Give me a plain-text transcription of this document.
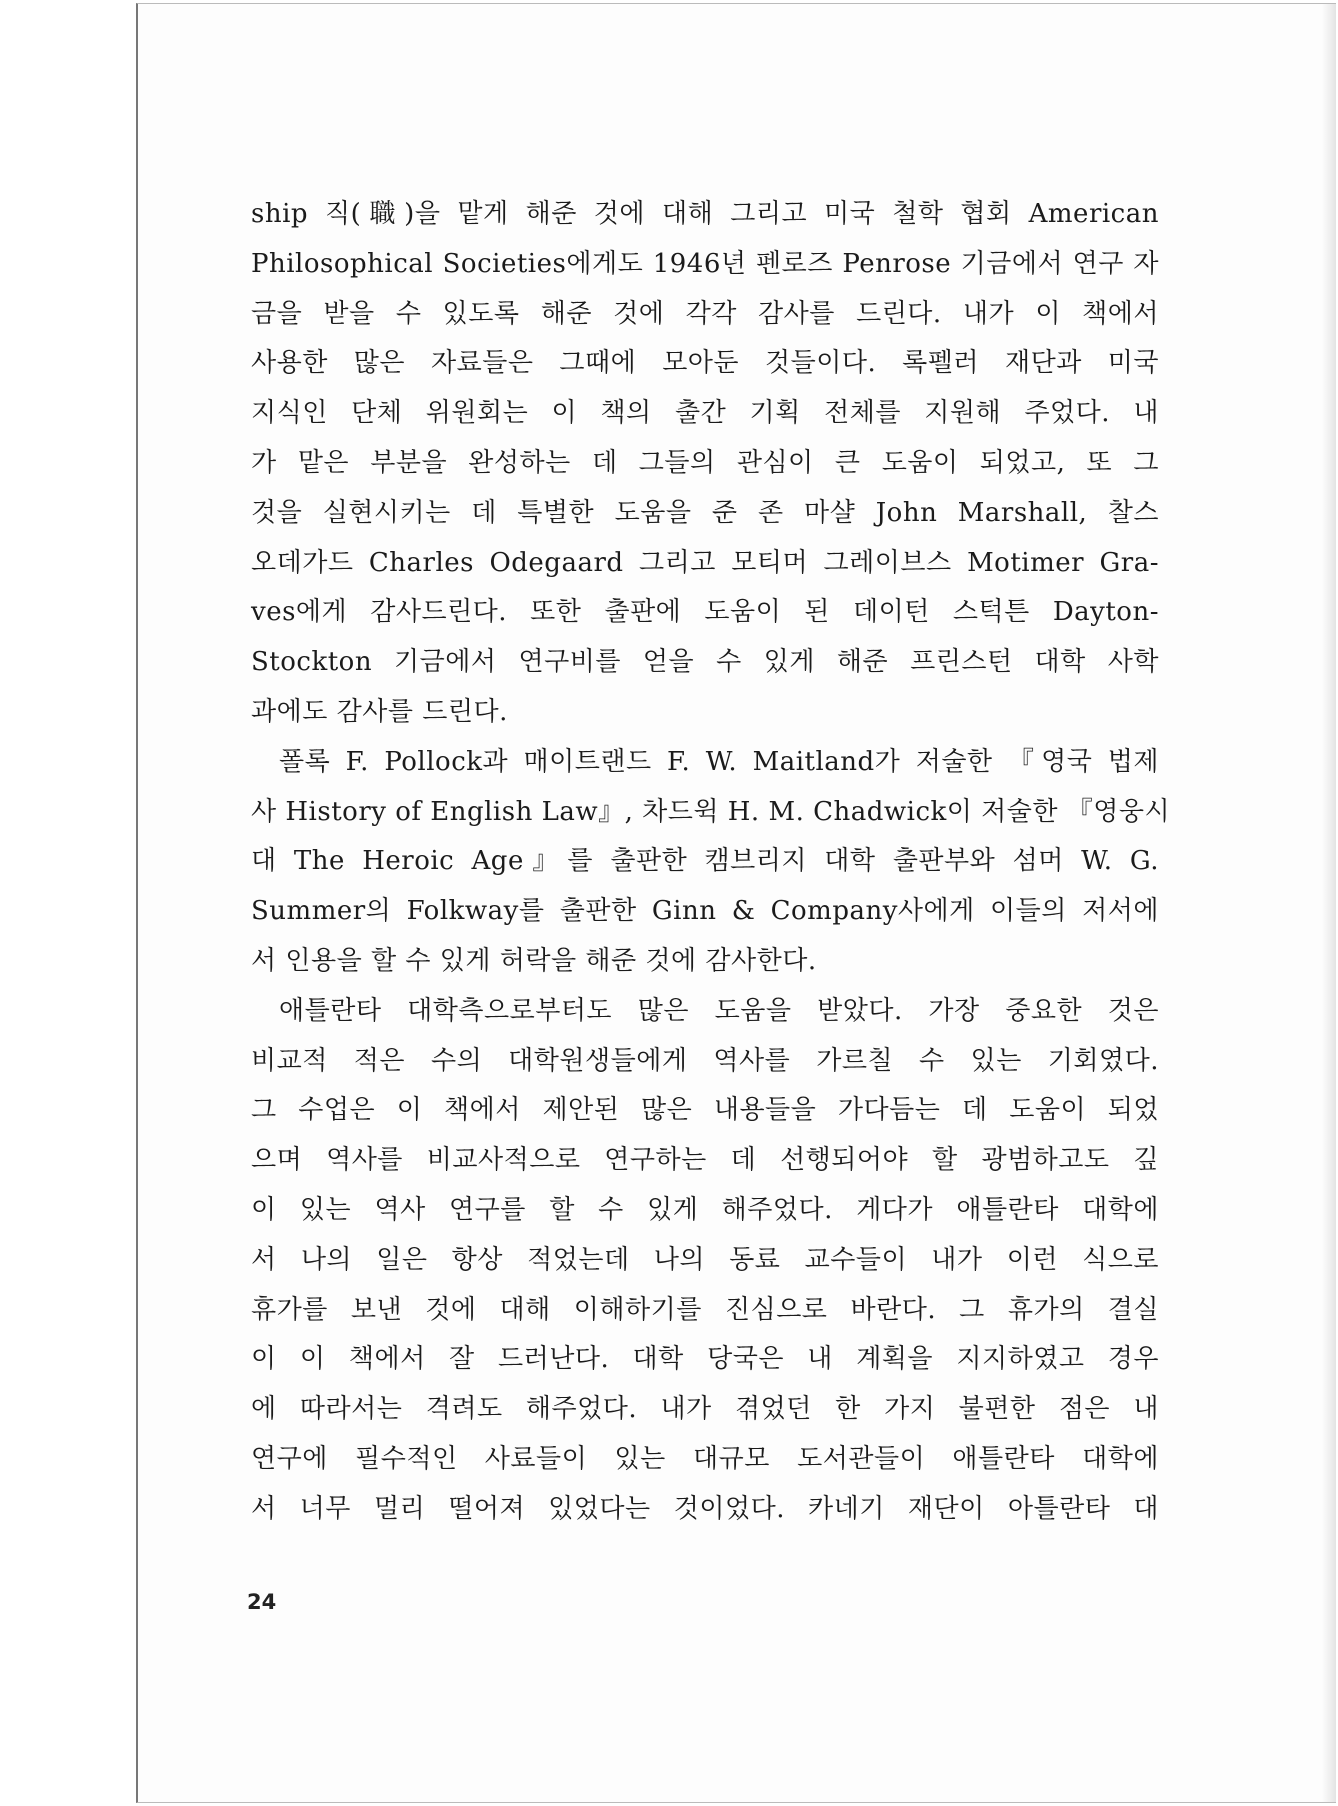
ship 직(職)을 맡게 해준 것에 대해 그리고 미국 철학 협회 American
Philosophical Societies에게도 1946년 펜로즈 Penrose 기금에서 연구 자
금을 받을 수 있도록 해준 것에 각각 감사를 드린다. 내가 이 책에서
사용한 많은 자료들은 그때에 모아둔 것들이다. 록펠러 재단과 미국
지식인 단체 위원회는 이 책의 출간 기획 전체를 지원해 주었다. 내
가 맡은 부분을 완성하는 데 그들의 관심이 큰 도움이 되었고, 또 그
것을 실현시키는 데 특별한 도움을 준 존 마샬 John Marshall, 찰스
오데가드 Charles Odegaard 그리고 모티머 그레이브스 Motimer Gra-
ves에게 감사드린다. 또한 출판에 도움이 된 데이턴 스턱튼 Dayton-
Stockton 기금에서 연구비를 얻을 수 있게 해준 프린스턴 대학 사학
과에도 감사를 드린다.
폴록 F. Pollock과 매이트랜드 F. W. Maitland가 저술한 『영국 법제
사 History of English Law』, 차드윅 H. M. Chadwick이 저술한 『영웅시
대 The Heroic Age』를 출판한 캠브리지 대학 출판부와 섬머 W. G.
Summer의 Folkway를 출판한 Ginn & Company사에게 이들의 저서에
서 인용을 할 수 있게 허락을 해준 것에 감사한다.
애틀란타 대학측으로부터도 많은 도움을 받았다. 가장 중요한 것은
비교적 적은 수의 대학원생들에게 역사를 가르칠 수 있는 기회였다.
그 수업은 이 책에서 제안된 많은 내용들을 가다듬는 데 도움이 되었
으며 역사를 비교사적으로 연구하는 데 선행되어야 할 광범하고도 깊
이 있는 역사 연구를 할 수 있게 해주었다. 게다가 애틀란타 대학에
서 나의 일은 항상 적었는데 나의 동료 교수들이 내가 이런 식으로
휴가를 보낸 것에 대해 이해하기를 진심으로 바란다. 그 휴가의 결실
이 이 책에서 잘 드러난다. 대학 당국은 내 계획을 지지하였고 경우
에 따라서는 격려도 해주었다. 내가 겪었던 한 가지 불편한 점은 내
연구에 필수적인 사료들이 있는 대규모 도서관들이 애틀란타 대학에
서 너무 멀리 떨어져 있었다는 것이었다. 카네기 재단이 아틀란타 대
24
